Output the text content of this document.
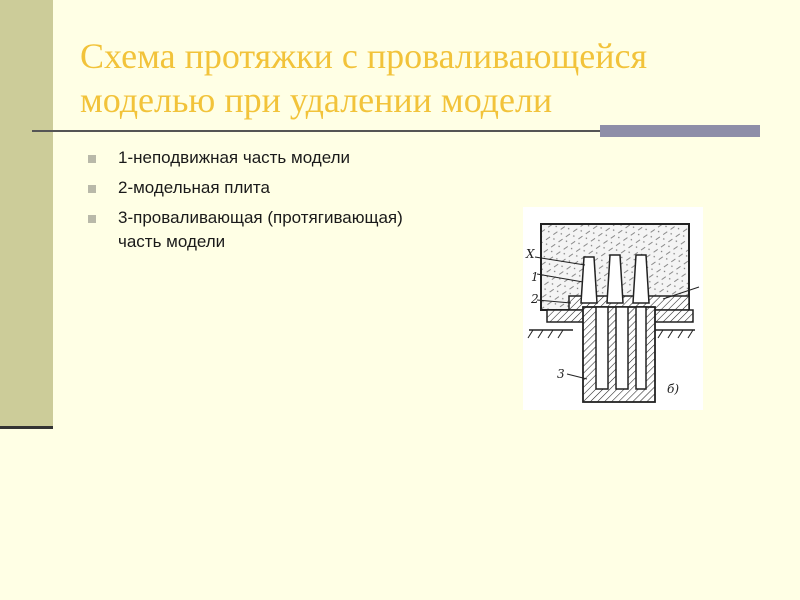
Схема протяжки с проваливающейся моделью при удалении модели
1-неподвижная часть модели
2-модельная плита
3-проваливающая (протягивающая) часть модели
Х
1
2
3
б)
